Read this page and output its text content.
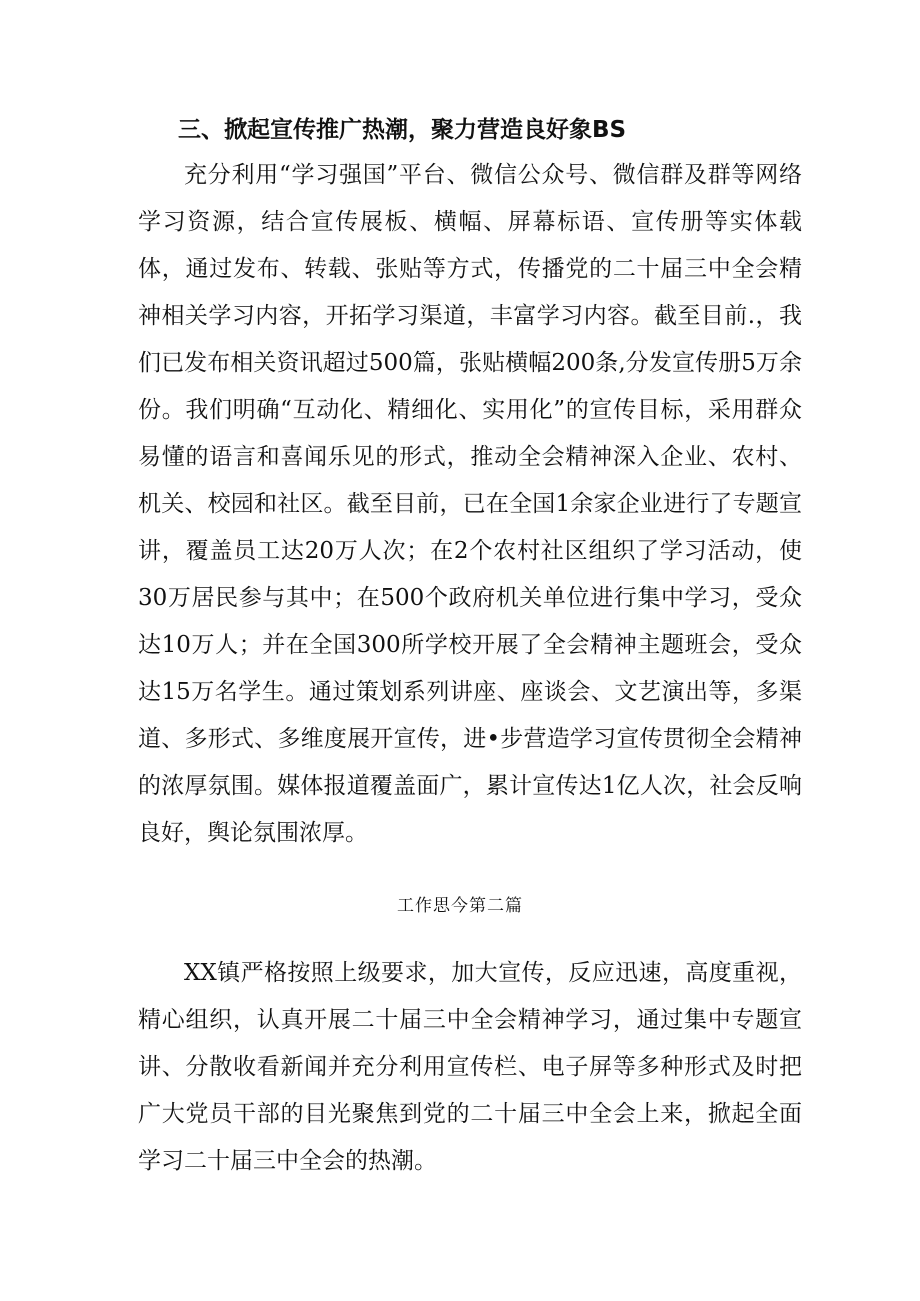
三、掀起宣传推广热潮，聚力营造良好象BS

充分利用“学习强国”平台、微信公众号、微信群及群等网络学习资源，结合宣传展板、横幅、屏幕标语、宣传册等实体载体，通过发布、转载、张贴等方式，传播党的二十届三中全会精神相关学习内容，开拓学习渠道，丰富学习内容。截至目前.，我们已发布相关资讯超过500篇，张贴横幅200条,分发宣传册5万余份。我们明确“互动化、精细化、实用化”的宣传目标，采用群众易懂的语言和喜闻乐见的形式，推动全会精神深入企业、农村、机关、校园和社区。截至目前，已在全国1余家企业进行了专题宣讲，覆盖员工达20万人次；在2个农村社区组织了学习活动，使30万居民参与其中；在500个政府机关单位进行集中学习，受众达10万人；并在全国300所学校开展了全会精神主题班会，受众达15万名学生。通过策划系列讲座、座谈会、文艺演出等，多渠道、多形式、多维度展开宣传，进•步营造学习宣传贯彻全会精神的浓厚氛围。媒体报道覆盖面广，累计宣传达1亿人次，社会反响良好，舆论氛围浓厚。

工作思今第二篇

XX镇严格按照上级要求，加大宣传，反应迅速，高度重视，精心组织，认真开展二十届三中全会精神学习，通过集中专题宣讲、分散收看新闻并充分利用宣传栏、电子屏等多种形式及时把广大党员干部的目光聚焦到党的二十届三中全会上来，掀起全面学习二十届三中全会的热潮。
